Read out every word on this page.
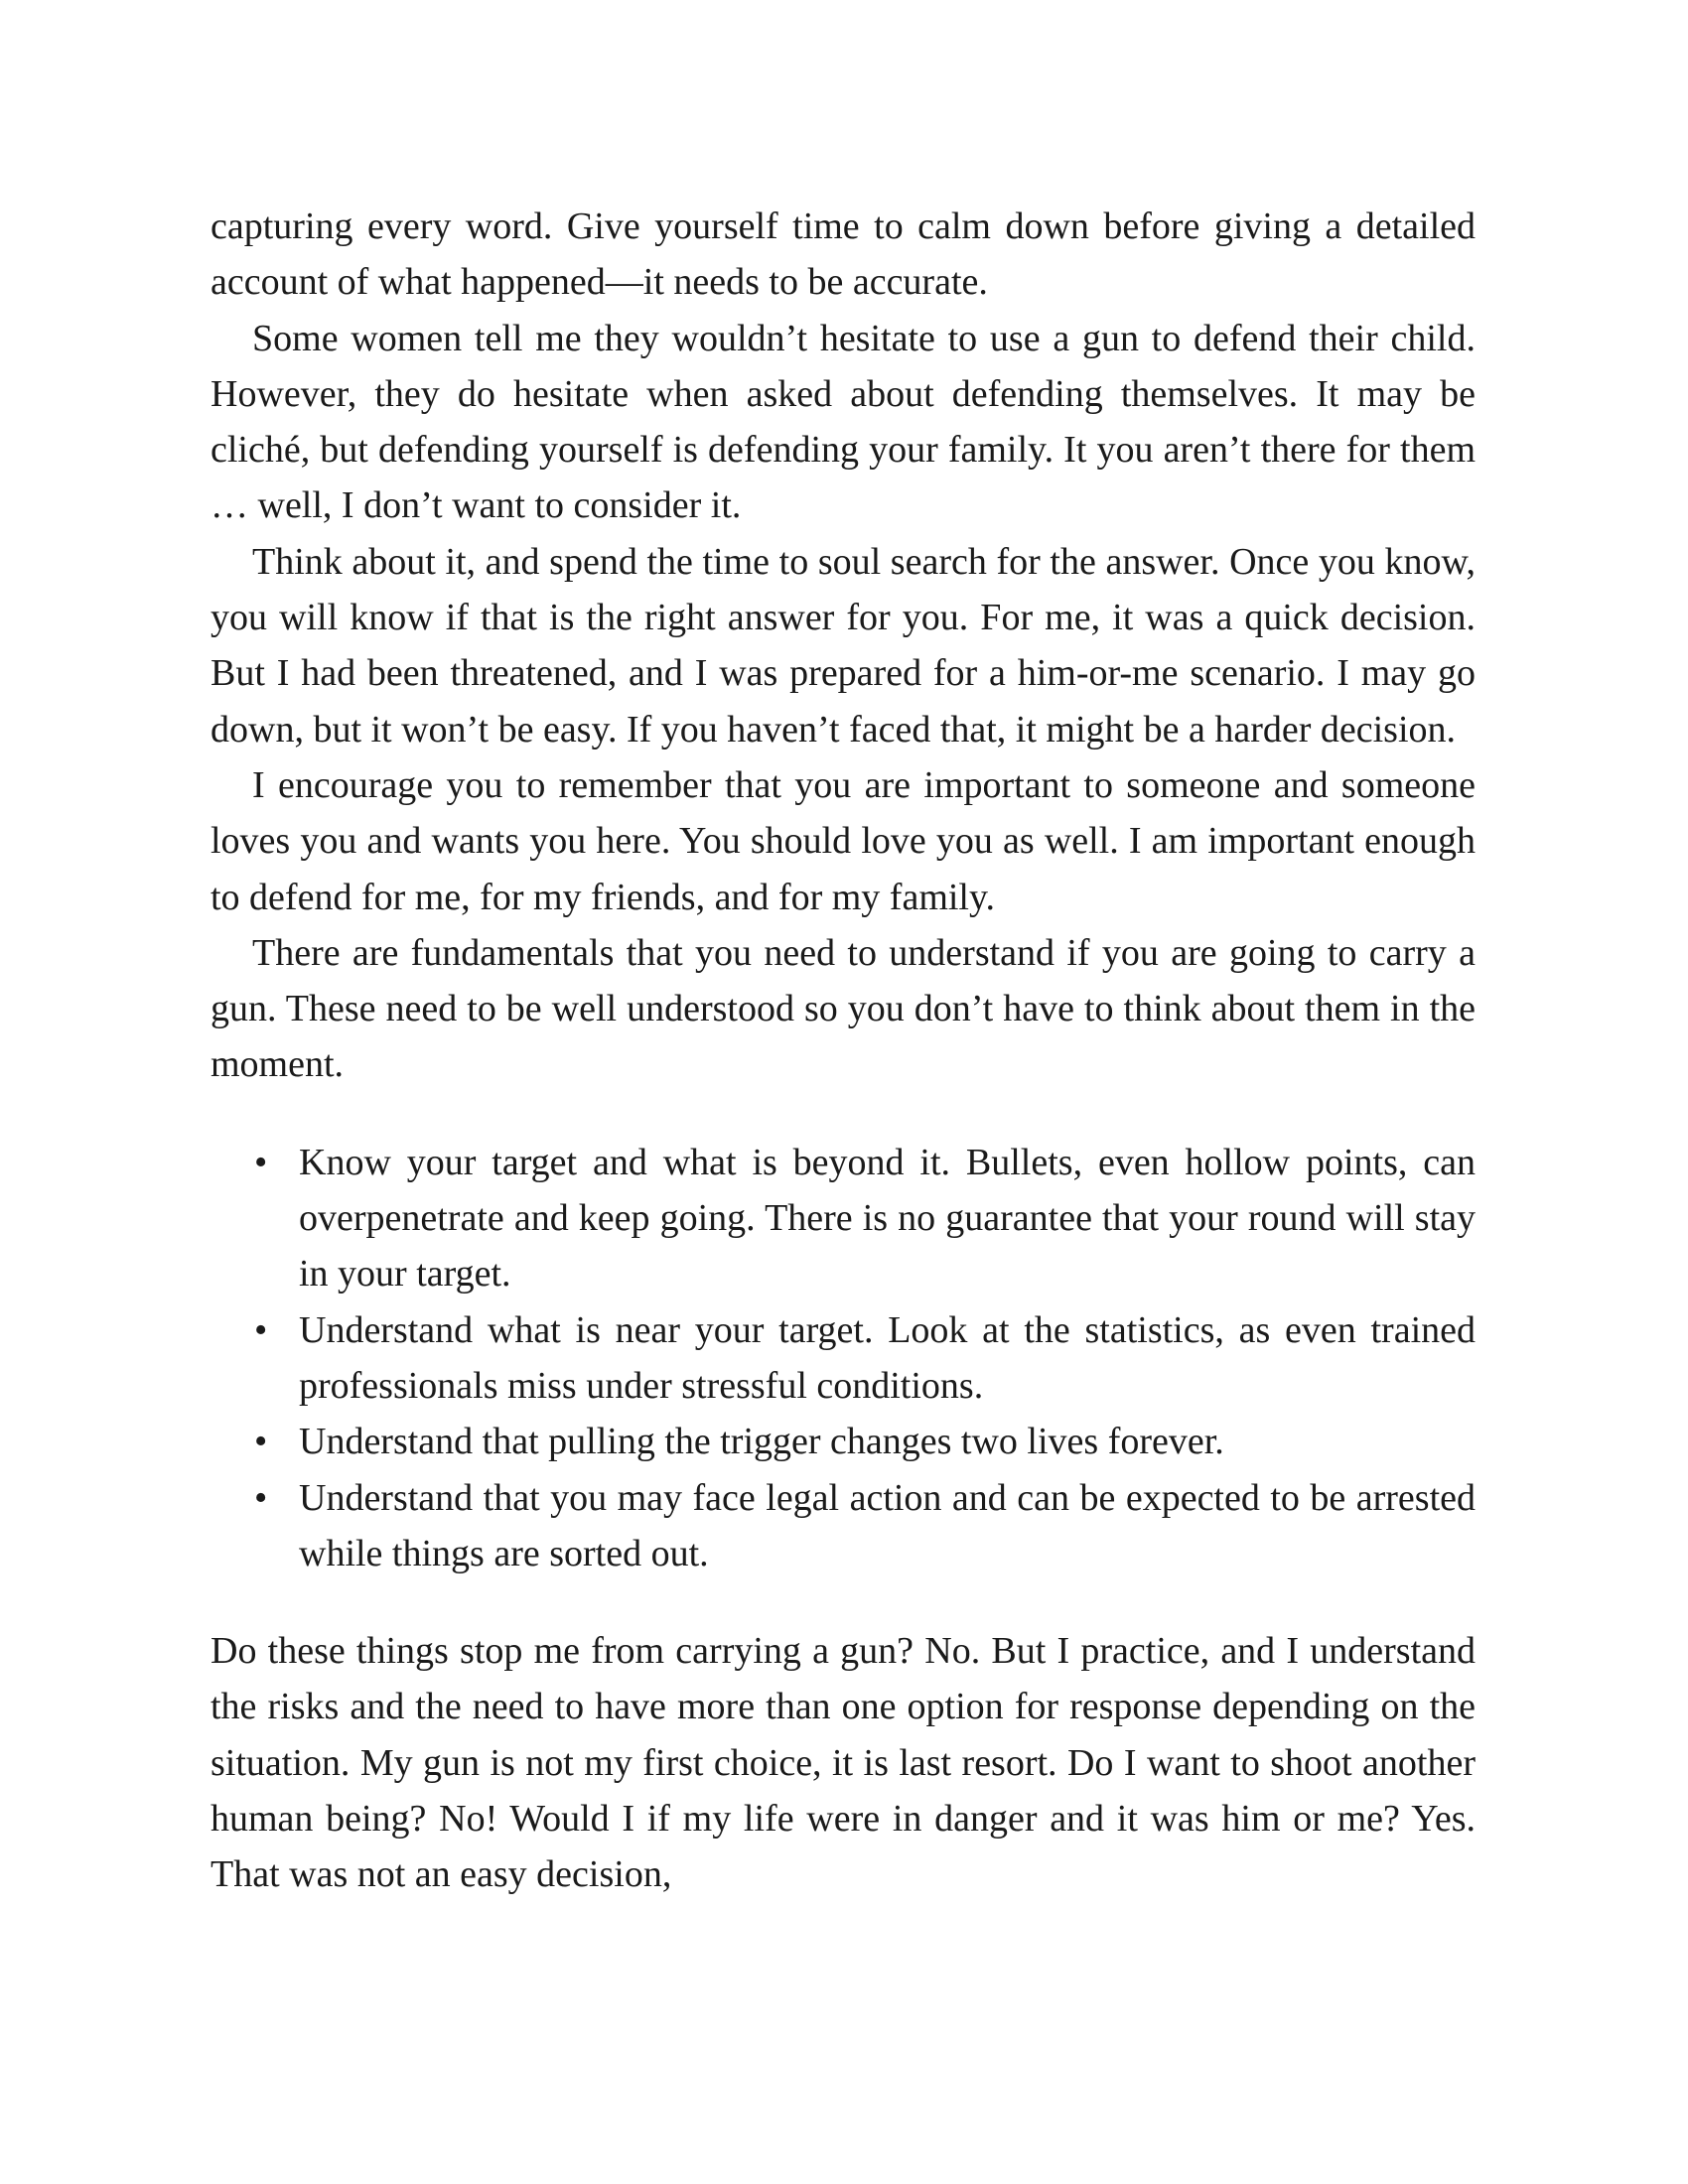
capturing every word. Give yourself time to calm down before giving a detailed account of what happened—it needs to be accurate.

Some women tell me they wouldn’t hesitate to use a gun to defend their child. However, they do hesitate when asked about defending themselves. It may be cliché, but defending yourself is defending your family. It you aren’t there for them … well, I don’t want to consider it.

Think about it, and spend the time to soul search for the answer. Once you know, you will know if that is the right answer for you. For me, it was a quick decision. But I had been threatened, and I was prepared for a him-or-me scenario. I may go down, but it won’t be easy. If you haven’t faced that, it might be a harder decision.

I encourage you to remember that you are important to someone and someone loves you and wants you here. You should love you as well. I am important enough to defend for me, for my friends, and for my family.

There are fundamentals that you need to understand if you are going to carry a gun. These need to be well understood so you don’t have to think about them in the moment.

• Know your target and what is beyond it. Bullets, even hollow points, can overpenetrate and keep going. There is no guarantee that your round will stay in your target.
• Understand what is near your target. Look at the statistics, as even trained professionals miss under stressful conditions.
• Understand that pulling the trigger changes two lives forever.
• Understand that you may face legal action and can be expected to be arrested while things are sorted out.

Do these things stop me from carrying a gun? No. But I practice, and I understand the risks and the need to have more than one option for response depending on the situation. My gun is not my first choice, it is last resort. Do I want to shoot another human being? No! Would I if my life were in danger and it was him or me? Yes. That was not an easy decision,
